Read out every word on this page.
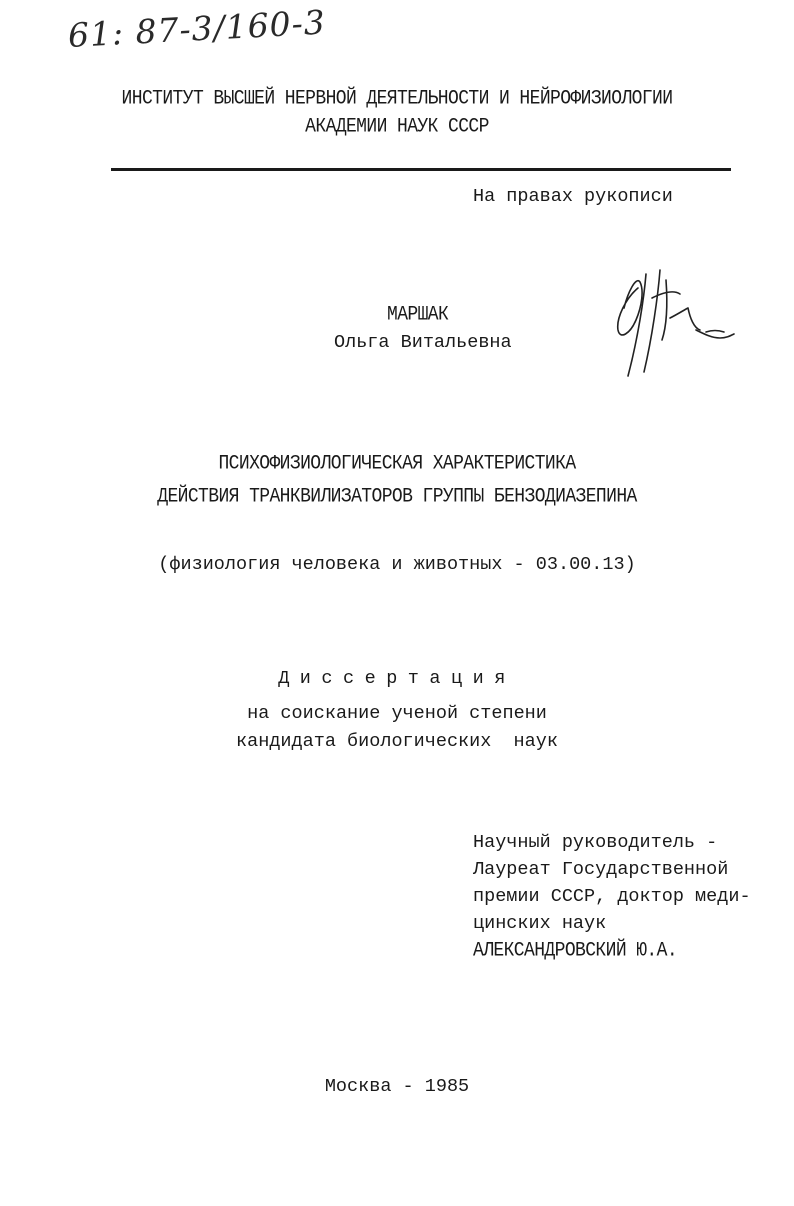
61: 87-3/160-3
ИНСТИТУТ ВЫСШЕЙ НЕРВНОЙ ДЕЯТЕЛЬНОСТИ И НЕЙРОФИЗИОЛОГИИ
АКАДЕМИИ НАУК СССР
На правах рукописи
МАРШАК
Ольга Витальевна
ПСИХОФИЗИОЛОГИЧЕСКАЯ ХАРАКТЕРИСТИКА
ДЕЙСТВИЯ ТРАНКВИЛИЗАТОРОВ ГРУППЫ БЕНЗОДИАЗЕПИНА
(физиология человека и животных - 03.00.13)
Диссертация
на соискание ученой степени
кандидата биологических  наук
Научный руководитель -
Лауреат Государственной
премии СССР, доктор меди-
цинских наук
АЛЕКСАНДРОВСКИЙ Ю.А.
Москва - 1985
